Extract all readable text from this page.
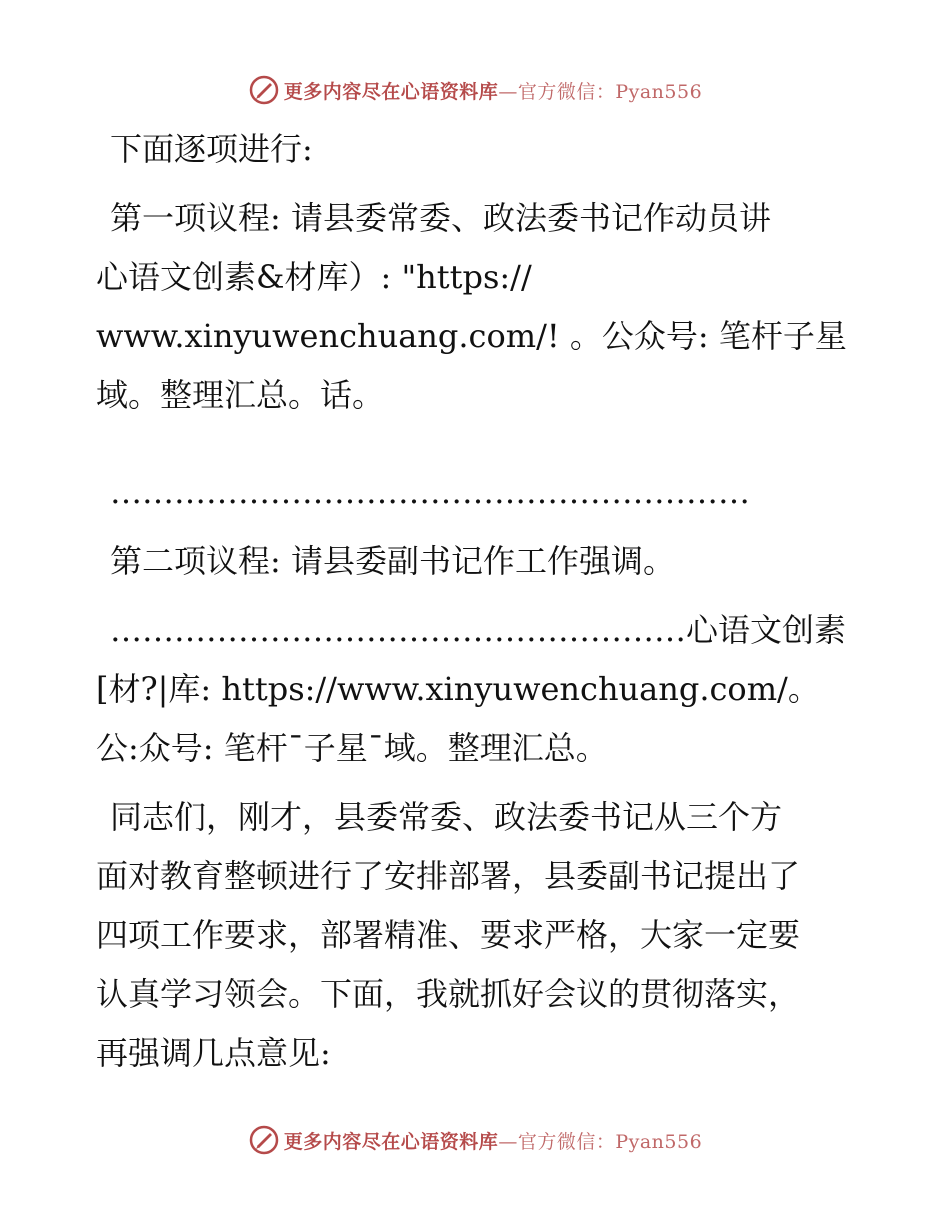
更多内容尽在心语资料库—官方微信：Pyan556

下面逐项进行:

第一项议程: 请县委常委、政法委书记作动员讲

心语文创素&材库）: "https://

www.xinyuwenchuang.com/! 。公众号: 笔杆子星

域。整理汇总。话。

……………………………………………………

第二项议程: 请县委副书记作工作强调。

………………………………………………心语文创素

[材?|库: https://www.xinyuwenchuang.com/。

公:众号: 笔杆¯子星¯域。整理汇总。

同志们，刚才，县委常委、政法委书记从三个方

面对教育整顿进行了安排部署，县委副书记提出了

四项工作要求，部署精准、要求严格，大家一定要

认真学习领会。下面，我就抓好会议的贯彻落实，

再强调几点意见:

更多内容尽在心语资料库—官方微信：Pyan556
